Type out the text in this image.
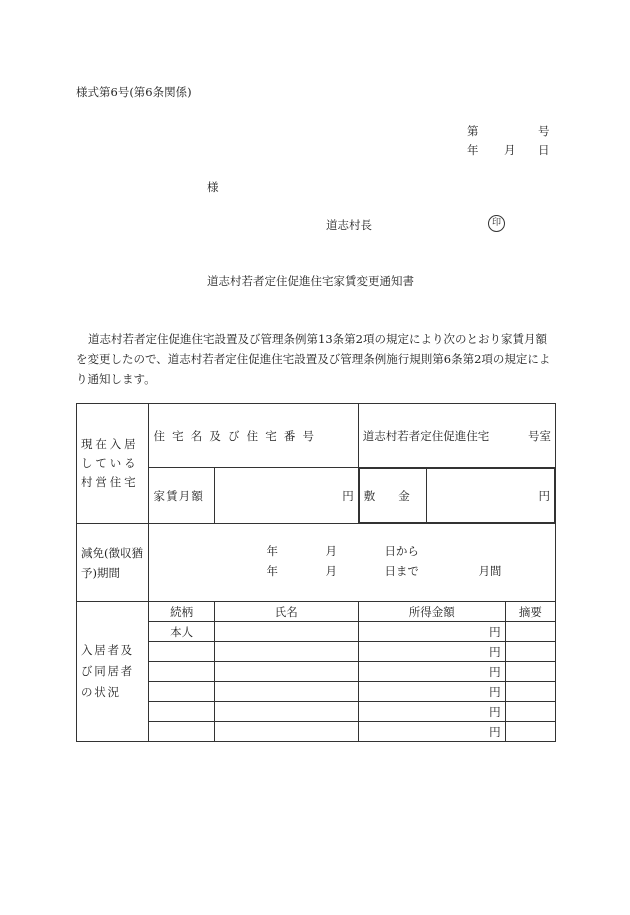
様式第6号(第6条関係)
第	号
年 月 日
様
道志村長	印
道志村若者定住促進住宅家賃変更通知書
道志村若者定住促進住宅設置及び管理条例第13条第2項の規定により次のとおり家賃月額を変更したので、道志村若者定住促進住宅設置及び管理条例施行規則第6条第2項の規定により通知します。
現在入居している村営住宅	住宅名及び住宅番号	道志村若者定住促進住宅	号室

家賃月額	円	敷　　金	円

減免(徴収猶予)期間	
年	月	日から
年	月	日まで	月間

入居者及び同居者の状況	続柄	氏名	所得金額	摘要
本人		円	
		円	
		円	
		円	
		円	
		円	
